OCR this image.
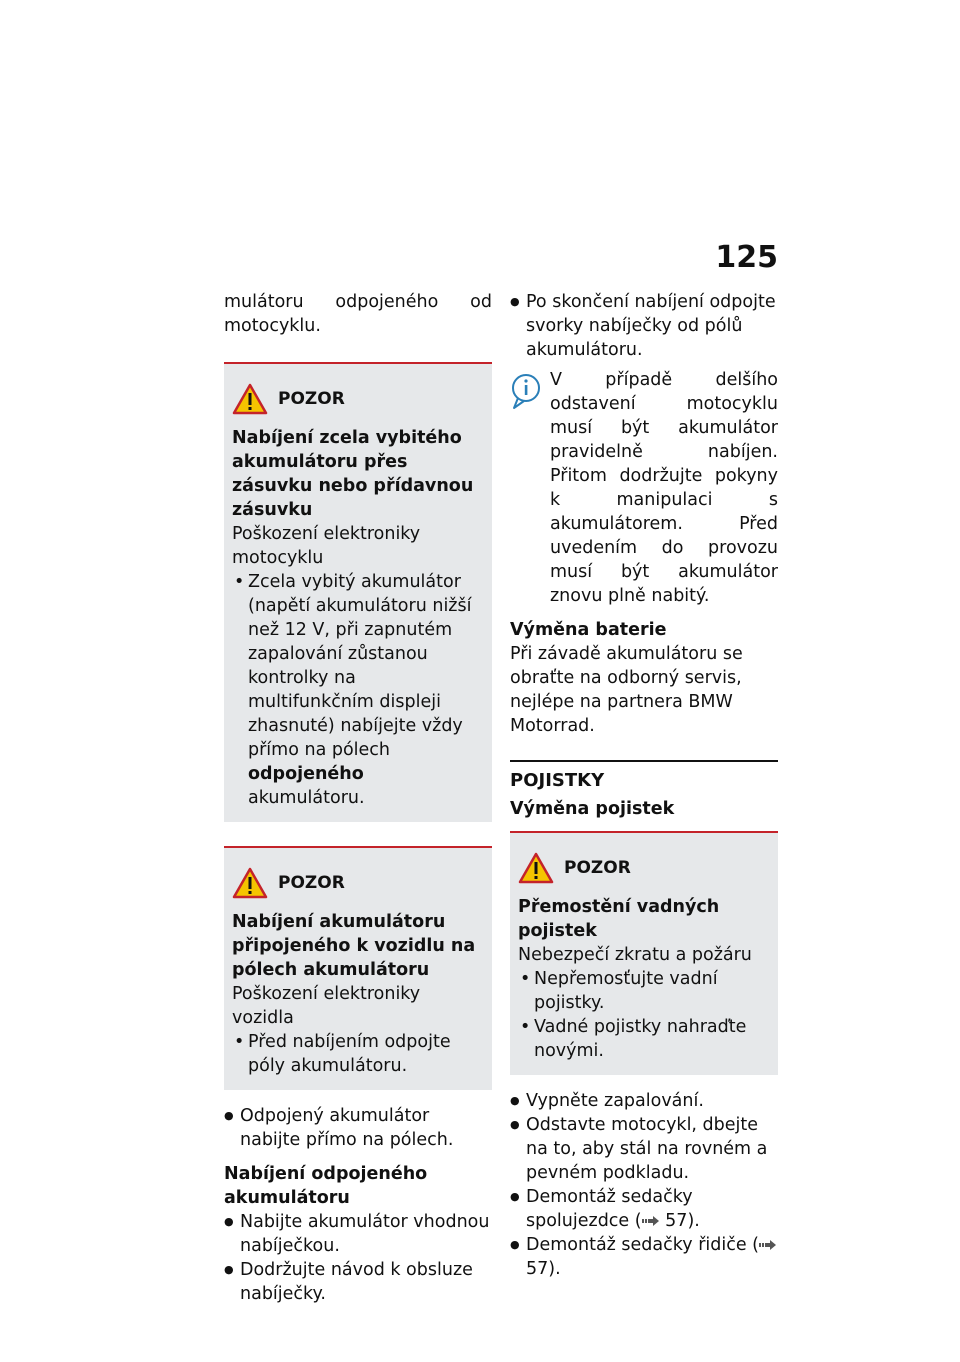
125

mulátoru odpojeného od motocyklu.

POZOR

Nabíjení zcela vybitého akumulátoru přes zásuvku nebo přídavnou zásuvku

Poškození elektroniky motocyklu

• Zcela vybitý akumulátor (napětí akumulátoru nižší než 12 V, při zapnutém zapalování zůstanou kontrolky na multifunkčním displeji zhasnuté) nabíjejte vždy přímo na pólech odpojeného akumulátoru.
POZOR

Nabíjení akumulátoru připojeného k vozidlu na pólech akumulátoru

Poškození elektroniky vozidla

• Před nabíjením odpojte póly akumulátoru.
● Odpojený akumulátor nabijte přímo na pólech.

Nabíjení odpojeného akumulátoru

● Nabijte akumulátor vhodnou nabíječkou.
● Dodržujte návod k obsluze nabíječky.
● Po skončení nabíjení odpojte svorky nabíječky od pólů akumulátoru.

V případě delšího odstavení motocyklu musí být akumulátor pravidelně nabíjen. Přitom dodržujte pokyny k manipulaci s akumulátorem. Před uvedením do provozu musí být akumulátor znovu plně nabitý.

Výměna baterie

Při závadě akumulátoru se obraťte na odborný servis, nejlépe na partnera BMW Motorrad.

POJISTKY

Výměna pojistek

POZOR

Přemostění vadných pojistek

Nebezpečí zkratu a požáru

• Nepřemosťujte vadní pojistky.
• Vadné pojistky nahraďte novými.
● Vypněte zapalování.
● Odstavte motocykl, dbejte na to, aby stál na rovném a pevném podkladu.
● Demontáž sedačky spolujezdce ( 57).
● Demontáž sedačky řidiče ( 57).
